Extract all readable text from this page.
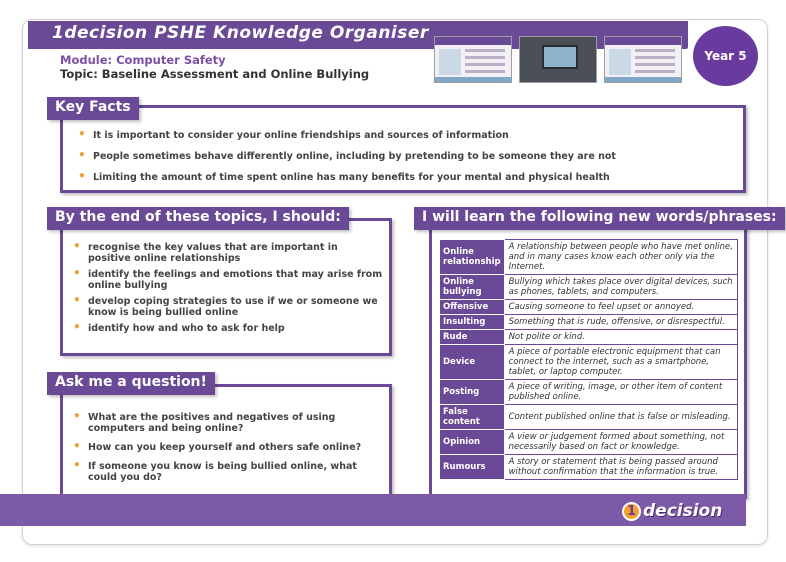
1decision PSHE Knowledge Organiser
Module: Computer Safety
Topic: Baseline Assessment and Online Bullying
Year 5
Key Facts
• It is important to consider your online friendships and sources of information
• People sometimes behave differently online, including by pretending to be someone they are not
• Limiting the amount of time spent online has many benefits for your mental and physical health
By the end of these topics, I should:
• recognise the key values that are important in positive online relationships
• identify the feelings and emotions that may arise from online bullying
• develop coping strategies to use if we or someone we know is being bullied online
• identify how and who to ask for help
Ask me a question!
• What are the positives and negatives of using computers and being online?
• How can you keep yourself and others safe online?
• If someone you know is being bullied online, what could you do?
I will learn the following new words/phrases:
Online relationship	A relationship between people who have met online, and in many cases know each other only via the Internet.
Online bullying	Bullying which takes place over digital devices, such as phones, tablets, and computers.
Offensive	Causing someone to feel upset or annoyed.
Insulting	Something that is rude, offensive, or disrespectful.
Rude	Not polite or kind.
Device	A piece of portable electronic equipment that can connect to the internet, such as a smartphone, tablet, or laptop computer.
Posting	A piece of writing, image, or other item of content published online.
False content	Content published online that is false or misleading.
Opinion	A view or judgement formed about something, not necessarily based on fact or knowledge.
Rumours	A story or statement that is being passed around without confirmation that the information is true.
1 decision
